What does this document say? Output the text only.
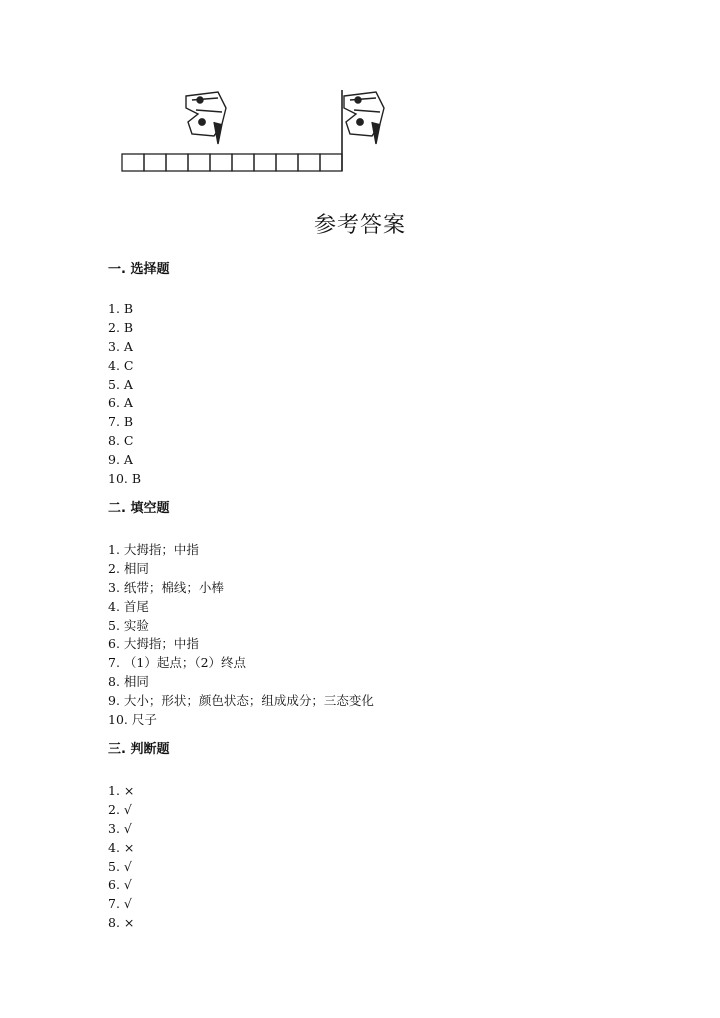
参考答案
一. 选择题
1. B
2. B
3. A
4. C
5. A
6. A
7. B
8. C
9. A
10. B
二. 填空题
1. 大拇指；中指
2. 相同
3. 纸带；棉线；小棒
4. 首尾
5. 实验
6. 大拇指；中指
7. （1）起点；（2）终点
8. 相同
9. 大小；形状；颜色状态；组成成分；三态变化
10. 尺子
三. 判断题
1. ×
2. √
3. √
4. ×
5. √
6. √
7. √
8. ×
